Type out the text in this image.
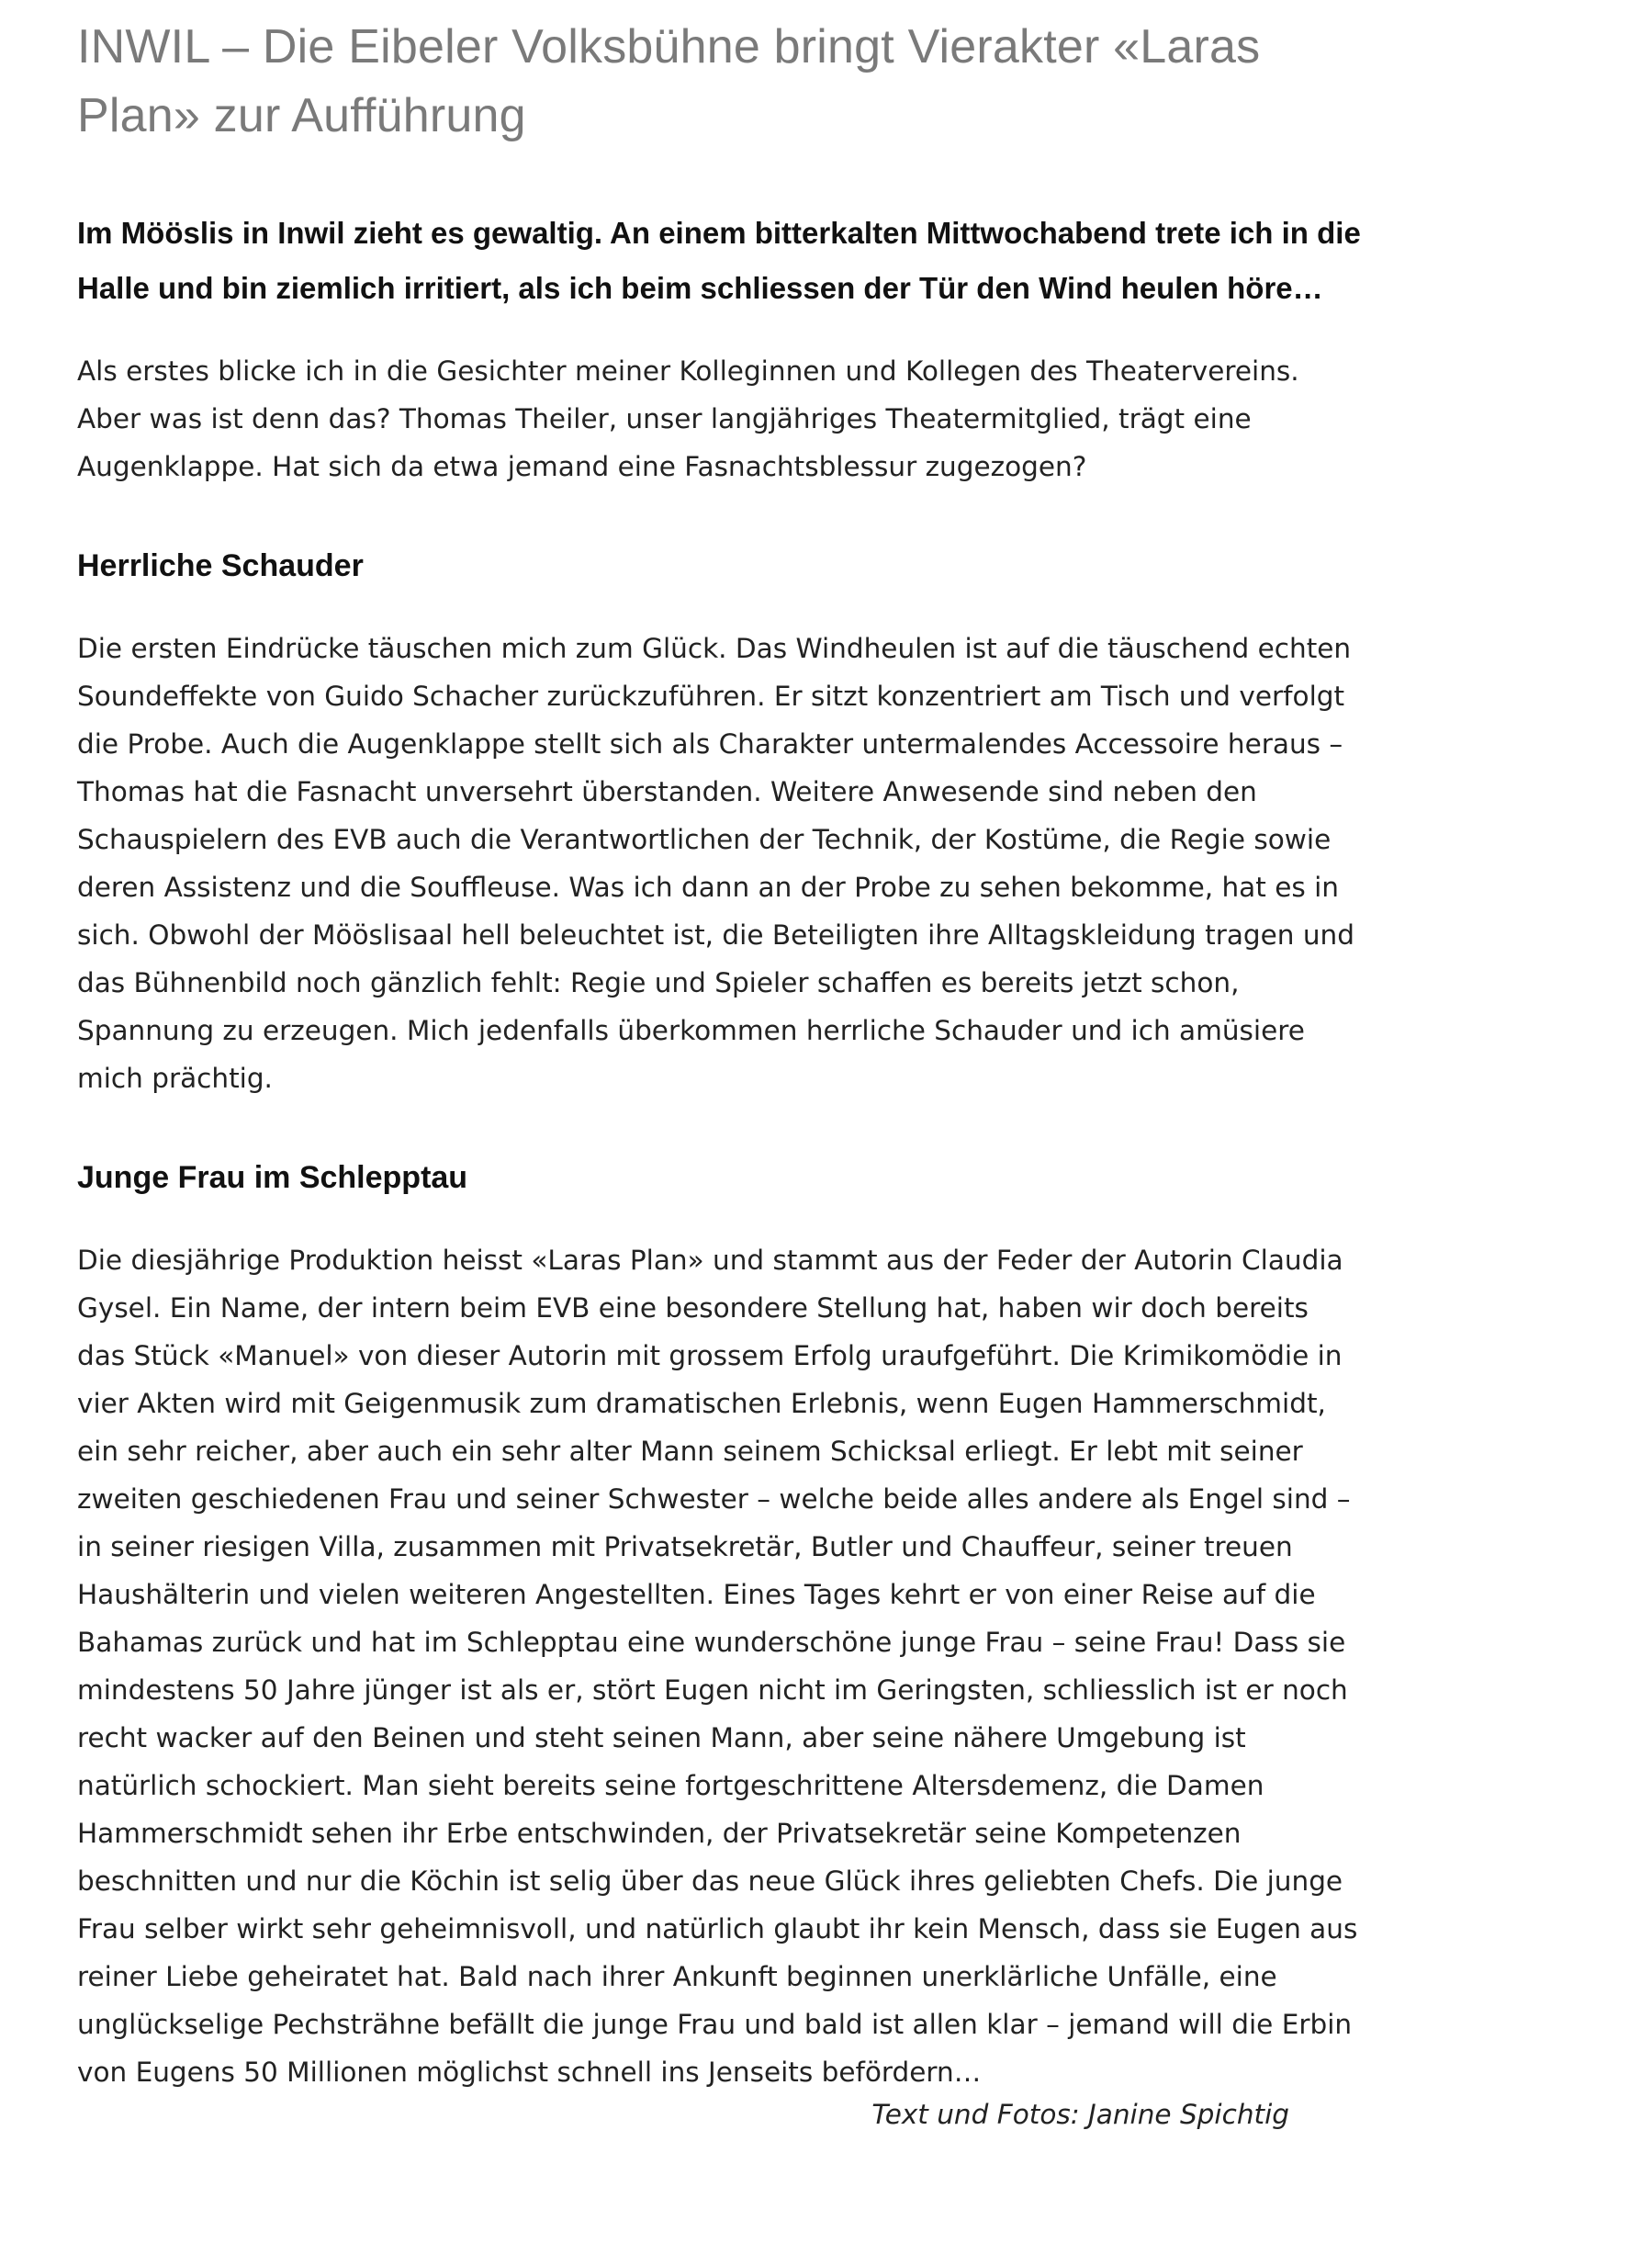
INWIL – Die Eibeler Volksbühne bringt Vierakter «Laras Plan» zur Aufführung

Im Mööslis in Inwil zieht es gewaltig. An einem bitterkalten Mittwochabend trete ich in die Halle und bin ziemlich irritiert, als ich beim schliessen der Tür den Wind heulen höre…

Als erstes blicke ich in die Gesichter meiner Kolleginnen und Kollegen des Theatervereins. Aber was ist denn das? Thomas Theiler, unser langjähriges Theatermitglied, trägt eine Augenklappe. Hat sich da etwa jemand eine Fasnachtsblessur zugezogen?

Herrliche Schauder

Die ersten Eindrücke täuschen mich zum Glück. Das Windheulen ist auf die täuschend echten Soundeffekte von Guido Schacher zurückzuführen. Er sitzt konzentriert am Tisch und verfolgt die Probe. Auch die Augenklappe stellt sich als Charakter untermalendes Accessoire heraus – Thomas hat die Fasnacht unversehrt überstanden. Weitere Anwesende sind neben den Schauspielern des EVB auch die Verantwortlichen der Technik, der Kostüme, die Regie sowie deren Assistenz und die Souffleuse. Was ich dann an der Probe zu sehen bekomme, hat es in sich. Obwohl der Mööslisaal hell beleuchtet ist, die Beteiligten ihre Alltagskleidung tragen und das Bühnenbild noch gänzlich fehlt: Regie und Spieler schaffen es bereits jetzt schon, Spannung zu erzeugen. Mich jedenfalls überkommen herrliche Schauder und ich amüsiere mich prächtig.

Junge Frau im Schlepptau

Die diesjährige Produktion heisst «Laras Plan» und stammt aus der Feder der Autorin Claudia Gysel. Ein Name, der intern beim EVB eine besondere Stellung hat, haben wir doch bereits das Stück «Manuel» von dieser Autorin mit grossem Erfolg uraufgeführt. Die Krimikomödie in vier Akten wird mit Geigenmusik zum dramatischen Erlebnis, wenn Eugen Hammerschmidt, ein sehr reicher, aber auch ein sehr alter Mann seinem Schicksal erliegt. Er lebt mit seiner zweiten geschiedenen Frau und seiner Schwester – welche beide alles andere als Engel sind – in seiner riesigen Villa, zusammen mit Privatsekretär, Butler und Chauffeur, seiner treuen Haushälterin und vielen weiteren Angestellten. Eines Tages kehrt er von einer Reise auf die Bahamas zurück und hat im Schlepptau eine wunderschöne junge Frau – seine Frau! Dass sie mindestens 50 Jahre jünger ist als er, stört Eugen nicht im Geringsten, schliesslich ist er noch recht wacker auf den Beinen und steht seinen Mann, aber seine nähere Umgebung ist natürlich schockiert. Man sieht bereits seine fortgeschrittene Altersdemenz, die Damen Hammerschmidt sehen ihr Erbe entschwinden, der Privatsekretär seine Kompetenzen beschnitten und nur die Köchin ist selig über das neue Glück ihres geliebten Chefs. Die junge Frau selber wirkt sehr geheimnisvoll, und natürlich glaubt ihr kein Mensch, dass sie Eugen aus reiner Liebe geheiratet hat. Bald nach ihrer Ankunft beginnen unerklärliche Unfälle, eine unglückselige Pechsträhne befällt die junge Frau und bald ist allen klar – jemand will die Erbin von Eugens 50 Millionen möglichst schnell ins Jenseits befördern…

Text und Fotos: Janine Spichtig
